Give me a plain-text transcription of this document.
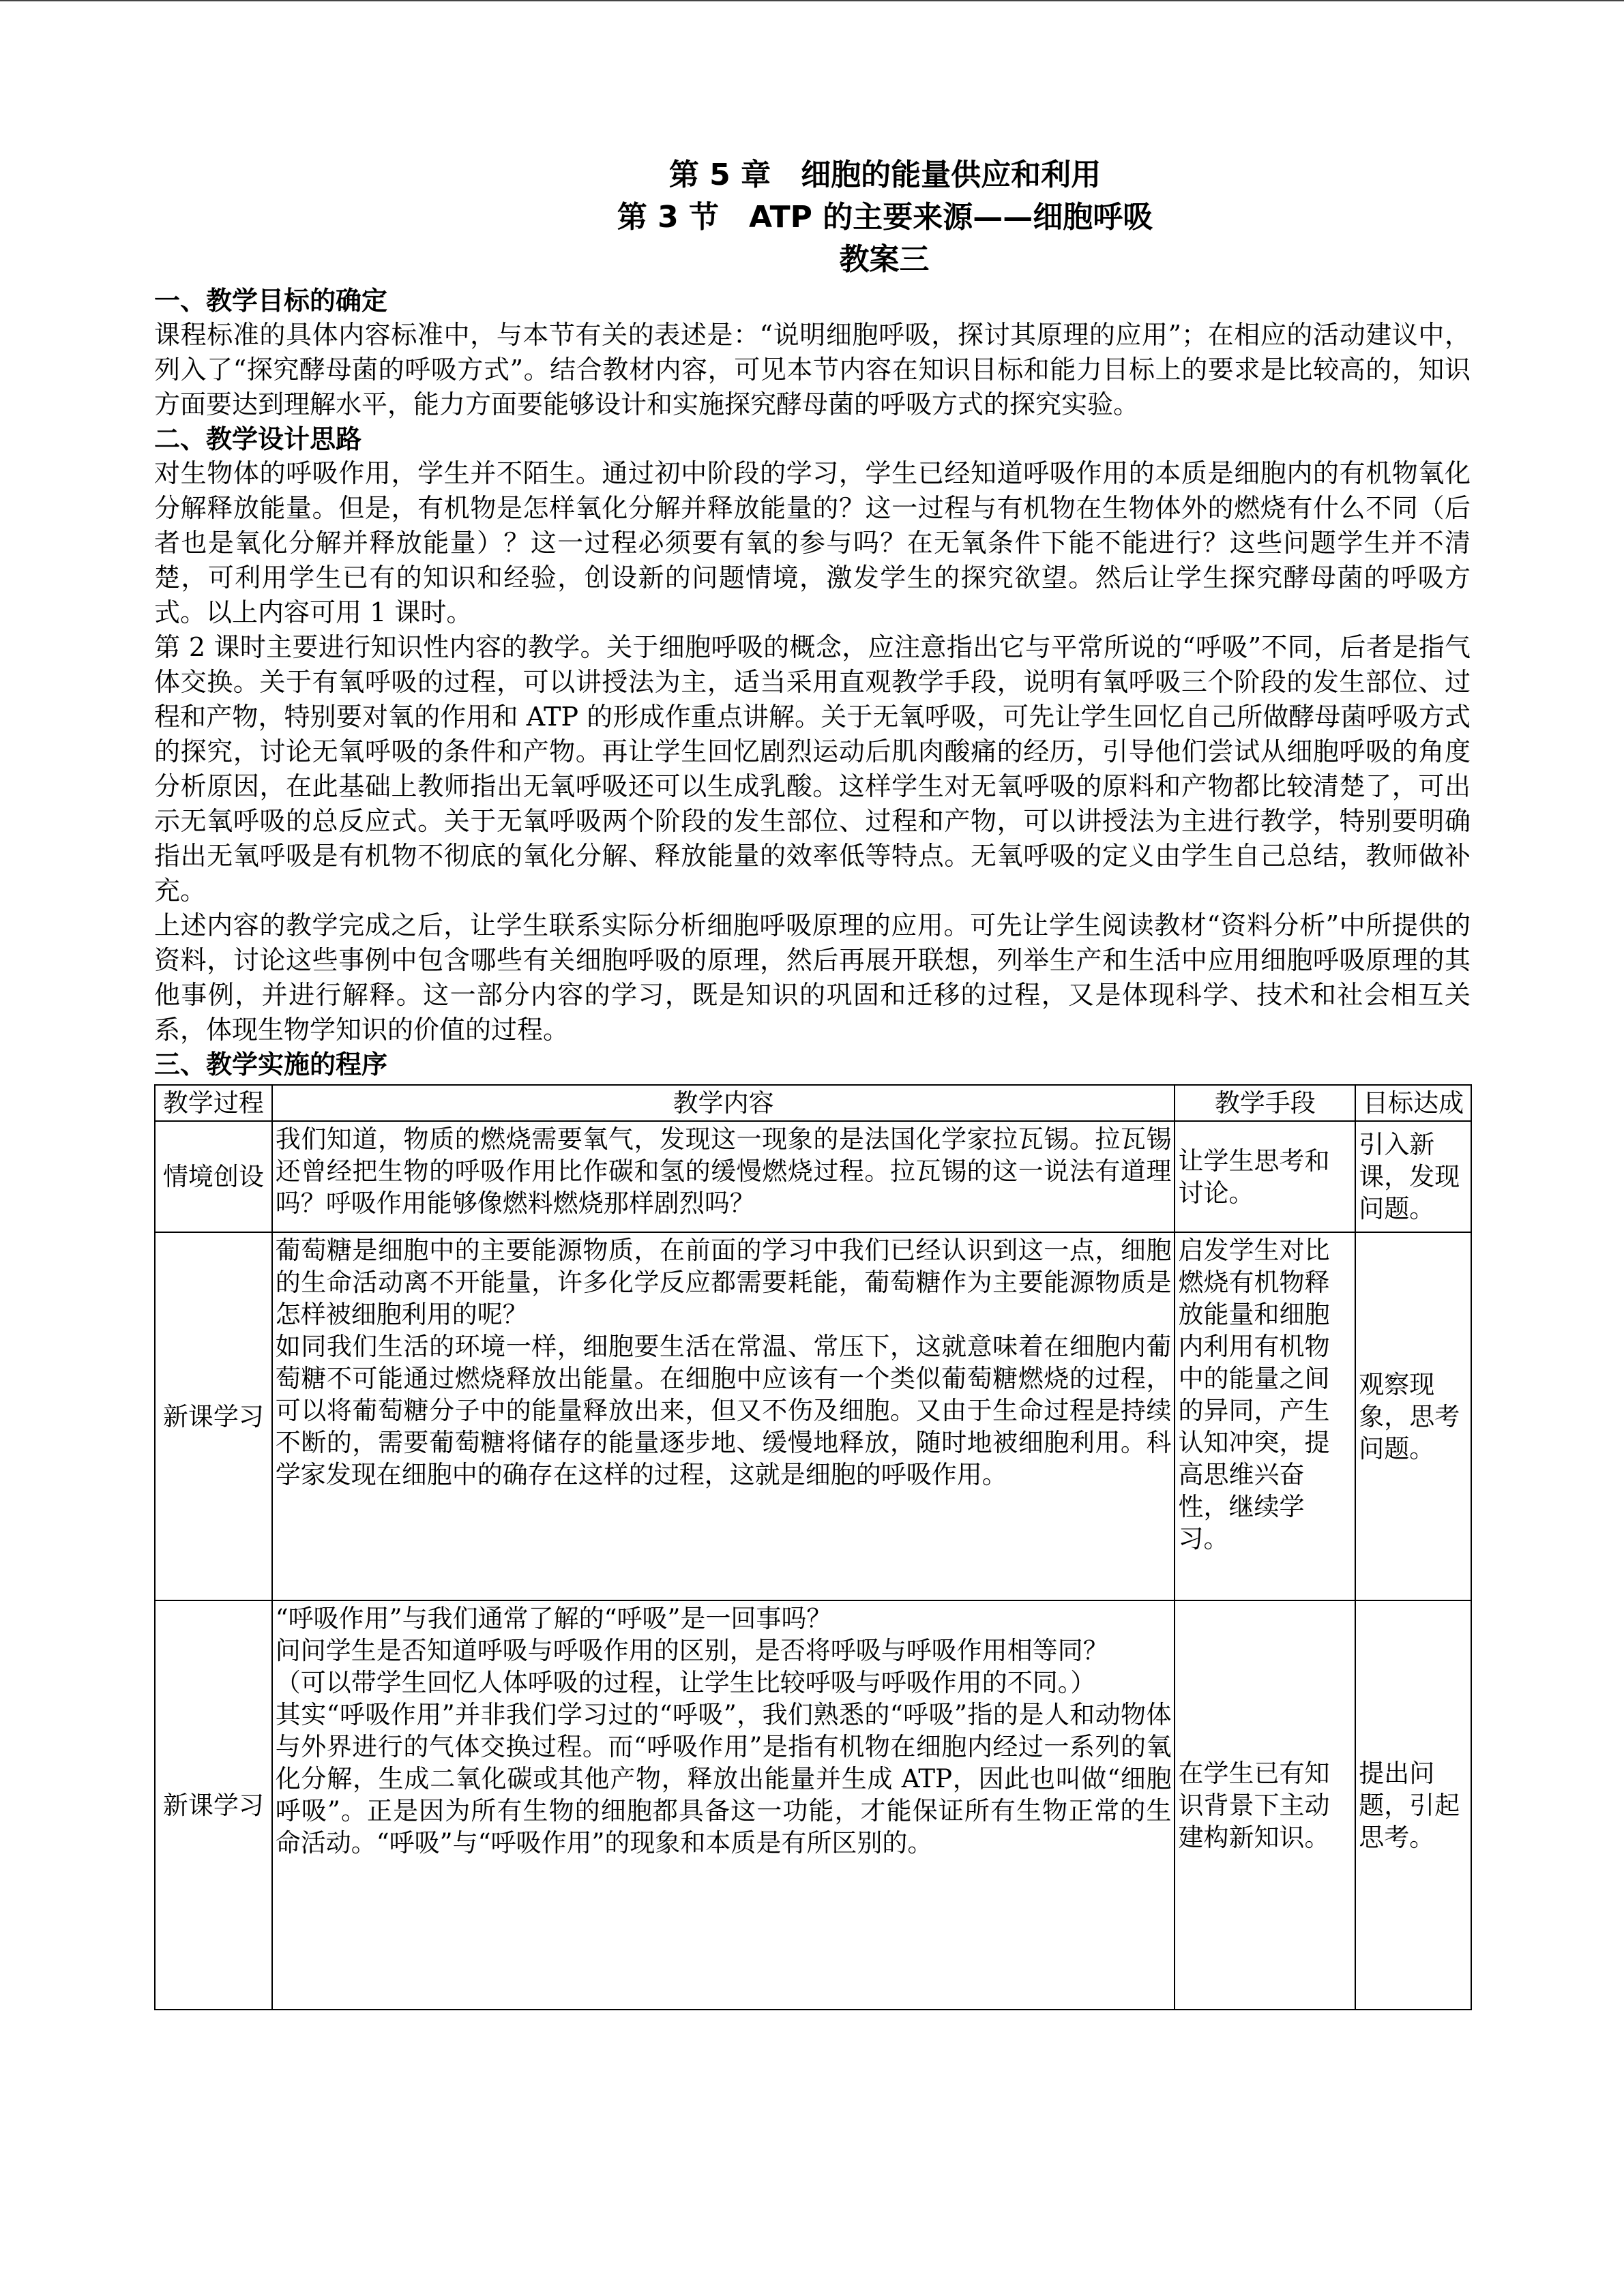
第 5 章　细胞的能量供应和利用
第 3 节　ATP 的主要来源——细胞呼吸
教案三
一、教学目标的确定
课程标准的具体内容标准中，与本节有关的表述是：“说明细胞呼吸，探讨其原理的应用”；在相应的活动建议中，列入了“探究酵母菌的呼吸方式”。结合教材内容，可见本节内容在知识目标和能力目标上的要求是比较高的，知识方面要达到理解水平，能力方面要能够设计和实施探究酵母菌的呼吸方式的探究实验。
二、教学设计思路
对生物体的呼吸作用，学生并不陌生。通过初中阶段的学习，学生已经知道呼吸作用的本质是细胞内的有机物氧化分解释放能量。但是，有机物是怎样氧化分解并释放能量的？这一过程与有机物在生物体外的燃烧有什么不同（后者也是氧化分解并释放能量）？这一过程必须要有氧的参与吗？在无氧条件下能不能进行？这些问题学生并不清楚，可利用学生已有的知识和经验，创设新的问题情境，激发学生的探究欲望。然后让学生探究酵母菌的呼吸方式。以上内容可用 1 课时。
第 2 课时主要进行知识性内容的教学。关于细胞呼吸的概念，应注意指出它与平常所说的“呼吸”不同，后者是指气体交换。关于有氧呼吸的过程，可以讲授法为主，适当采用直观教学手段，说明有氧呼吸三个阶段的发生部位、过程和产物，特别要对氧的作用和 ATP 的形成作重点讲解。关于无氧呼吸，可先让学生回忆自己所做酵母菌呼吸方式的探究，讨论无氧呼吸的条件和产物。再让学生回忆剧烈运动后肌肉酸痛的经历，引导他们尝试从细胞呼吸的角度分析原因，在此基础上教师指出无氧呼吸还可以生成乳酸。这样学生对无氧呼吸的原料和产物都比较清楚了，可出示无氧呼吸的总反应式。关于无氧呼吸两个阶段的发生部位、过程和产物，可以讲授法为主进行教学，特别要明确指出无氧呼吸是有机物不彻底的氧化分解、释放能量的效率低等特点。无氧呼吸的定义由学生自己总结，教师做补充。
上述内容的教学完成之后，让学生联系实际分析细胞呼吸原理的应用。可先让学生阅读教材“资料分析”中所提供的资料，讨论这些事例中包含哪些有关细胞呼吸的原理，然后再展开联想，列举生产和生活中应用细胞呼吸原理的其他事例，并进行解释。这一部分内容的学习，既是知识的巩固和迁移的过程，又是体现科学、技术和社会相互关系，体现生物学知识的价值的过程。
三、教学实施的程序
教学过程	教学内容	教学手段	目标达成
情境创设	我们知道，物质的燃烧需要氧气，发现这一现象的是法国化学家拉瓦锡。拉瓦锡还曾经把生物的呼吸作用比作碳和氢的缓慢燃烧过程。拉瓦锡的这一说法有道理吗？呼吸作用能够像燃料燃烧那样剧烈吗？	让学生思考和讨论。	引入新课，发现问题。
新课学习	葡萄糖是细胞中的主要能源物质，在前面的学习中我们已经认识到这一点，细胞的生命活动离不开能量，许多化学反应都需要耗能，葡萄糖作为主要能源物质是怎样被细胞利用的呢？
如同我们生活的环境一样，细胞要生活在常温、常压下，这就意味着在细胞内葡萄糖不可能通过燃烧释放出能量。在细胞中应该有一个类似葡萄糖燃烧的过程，可以将葡萄糖分子中的能量释放出来，但又不伤及细胞。又由于生命过程是持续不断的，需要葡萄糖将储存的能量逐步地、缓慢地释放，随时地被细胞利用。科学家发现在细胞中的确存在这样的过程，这就是细胞的呼吸作用。	启发学生对比燃烧有机物释放能量和细胞内利用有机物中的能量之间的异同，产生认知冲突，提高思维兴奋性，继续学习。	观察现象，思考问题。
新课学习	“呼吸作用”与我们通常了解的“呼吸”是一回事吗？
问问学生是否知道呼吸与呼吸作用的区别，是否将呼吸与呼吸作用相等同？
（可以带学生回忆人体呼吸的过程，让学生比较呼吸与呼吸作用的不同。）
其实“呼吸作用”并非我们学习过的“呼吸”，我们熟悉的“呼吸”指的是人和动物体与外界进行的气体交换过程。而“呼吸作用”是指有机物在细胞内经过一系列的氧化分解，生成二氧化碳或其他产物，释放出能量并生成 ATP，因此也叫做“细胞呼吸”。正是因为所有生物的细胞都具备这一功能，才能保证所有生物正常的生命活动。“呼吸”与“呼吸作用”的现象和本质是有所区别的。	在学生已有知识背景下主动建构新知识。	提出问题，引起思考。
